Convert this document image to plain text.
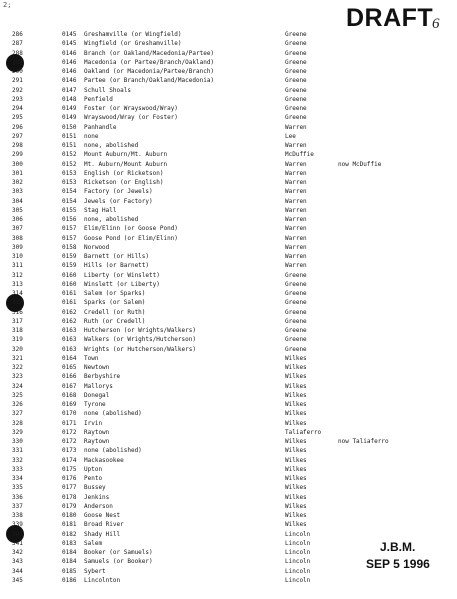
2;	DRAFT
6
286	0145 Greshamville (or Wingfield)	Greene
287	0145 Wingfield (or Greshamville)	Greene
288	0146 Branch (or Oakland/Macedonia/Partee)	Greene
289	0146 Macedonia (or Partee/Branch/Oakland)	Greene
290	0146 Oakland (or Macedonia/Partee/Branch)	Greene
291	0146 Partee (or Branch/Oakland/Macedonia)	Greene
292	0147 Schull Shoals	Greene
293	0148 Penfield	Greene
294	0149 Foster (or Wrayswood/Wray)	Greene
295	0149 Wrayswood/Wray (or Foster)	Greene
296	0150 Panhandle	Warren
297	0151 none	Lee
298	0151 none, abolished	Warren
299	0152 Mount Auburn/Mt. Auburn	McDuffie
300	0152 Mt. Auburn/Mount Auburn	Warren	now McDuffie
301	0153 English (or Ricketson)	Warren
302	0153 Ricketson (or English)	Warren
303	0154 Factory (or Jewels)	Warren
304	0154 Jewels (or Factory)	Warren
305	0155 Stag Hall	Warren
306	0156 none, abolished	Warren
307	0157 Elim/Elinn (or Goose Pond)	Warren
308	0157 Goose Pond (or Elim/Elinn)	Warren
309	0158 Norwood	Warren
310	0159 Barnett (or Hills)	Warren
311	0159 Hills (or Barnett)	Warren
312	0160 Liberty (or Winslett)	Greene
313	0160 Winslett (or Liberty)	Greene
314	0161 Salem (or Sparks)	Greene
315	0161 Sparks (or Salem)	Greene
316	0162 Credell (or Ruth)	Greene
317	0162 Ruth (or Credell)	Greene
318	0163 Hutcherson (or Wrights/Walkers)	Greene
319	0163 Walkers (or Wrights/Hutcherson)	Greene
320	0163 Wrights (or Hutcherson/Walkers)	Greene
321	0164 Town	Wilkes
322	0165 Newtown	Wilkes
323	0166 Berbyshire	Wilkes
324	0167 Mallorys	Wilkes
325	0168 Donegal	Wilkes
326	0169 Tyrone	Wilkes
327	0170 none (abolished)	Wilkes
328	0171 Irvin	Wilkes
329	0172 Raytown	Taliaferro
330	0172 Raytown	Wilkes	now Taliaferro
331	0173 none (abolished)	Wilkes
332	0174 Mackasookee	Wilkes
333	0175 Upton	Wilkes
334	0176 Pento	Wilkes
335	0177 Bussey	Wilkes
336	0178 Jenkins	Wilkes
337	0179 Anderson	Wilkes
338	0180 Goose Nest	Wilkes
339	0181 Broad River	Wilkes
340	0182 Shady Hill	Lincoln
341	0183 Salem	Lincoln
342	0184 Booker (or Samuels)	Lincoln
343	0184 Samuels (or Booker)	Lincoln
344	0185 Sybert	Lincoln
345	0186 Lincolnton	Lincoln
J.B.M.
SEP 5 1996
